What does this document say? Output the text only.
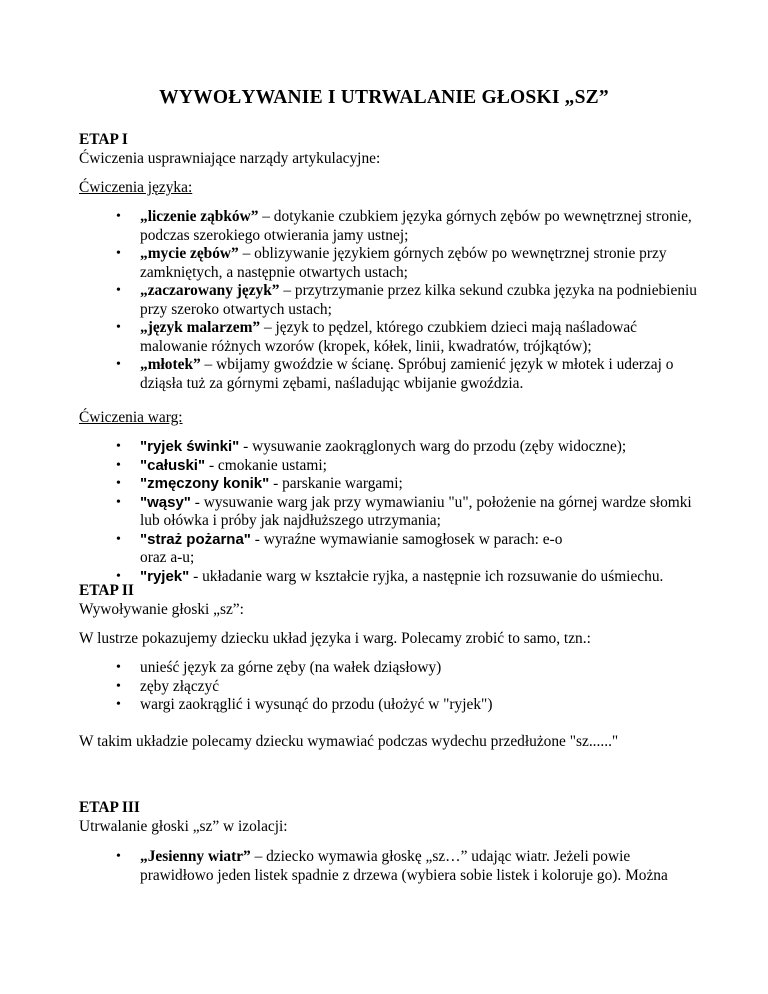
WYWOŁYWANIE I UTRWALANIE GŁOSKI „SZ”

ETAP I

Ćwiczenia usprawniające narządy artykulacyjne:

Ćwiczenia języka:

• „liczenie ząbków” – dotykanie czubkiem języka górnych zębów po wewnętrznej stronie, podczas szerokiego otwierania jamy ustnej;
• „mycie zębów” – oblizywanie językiem górnych zębów po wewnętrznej stronie przy zamkniętych, a następnie otwartych ustach;
• „zaczarowany język” – przytrzymanie przez kilka sekund czubka języka na podniebieniu przy szeroko otwartych ustach;
• „język malarzem” – język to pędzel, którego czubkiem dzieci mają naśladować malowanie różnych wzorów (kropek, kółek, linii, kwadratów, trójkątów);
• „młotek” – wbijamy gwoździe w ścianę. Spróbuj zamienić język w młotek i uderzaj o dziąsła tuż za górnymi zębami, naśladując wbijanie gwoździa.

Ćwiczenia warg:

• "ryjek świnki" - wysuwanie zaokrąglonych warg do przodu (zęby widoczne);
• "całuski" - cmokanie ustami;
• "zmęczony konik" - parskanie wargami;
• "wąsy" - wysuwanie warg jak przy wymawianiu "u", położenie na górnej wardze słomki lub ołówka i próby jak najdłuższego utrzymania;
• "straż pożarna" - wyraźne wymawianie samogłosek w parach: e-o
oraz a-u;
• "ryjek" - układanie warg w kształcie ryjka, a następnie ich rozsuwanie do uśmiechu.

ETAP II

Wywoływanie głoski „sz”:

W lustrze pokazujemy dziecku układ języka i warg. Polecamy zrobić to samo, tzn.:

• unieść język za górne zęby (na wałek dziąsłowy)
• zęby złączyć
• wargi zaokrąglić i wysunąć do przodu (ułożyć w "ryjek")

W takim układzie polecamy dziecku wymawiać podczas wydechu przedłużone "sz......"

ETAP III

Utrwalanie głoski „sz” w izolacji:

• „Jesienny wiatr” – dziecko wymawia głoskę „sz…” udając wiatr. Jeżeli powie prawidłowo jeden listek spadnie z drzewa (wybiera sobie listek i koloruje go). Można
